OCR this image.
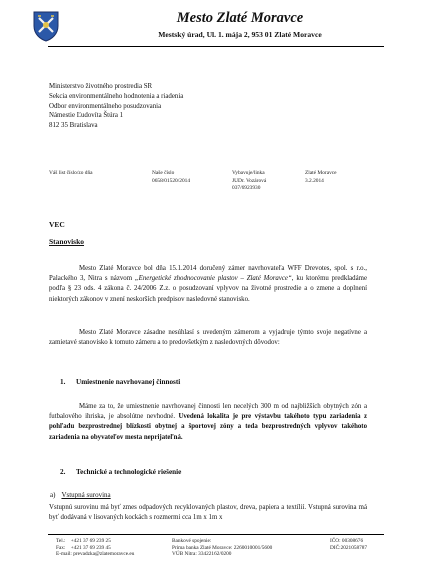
Mesto Zlaté Moravce
Mestský úrad, Ul. 1. mája 2, 953 01 Zlaté Moravce
Ministerstvo životného prostredia SR
Sekcia environmentálneho hodnotenia a riadenia
Odbor environmentálneho posudzovania
Námestie Ľudovíta Štúra 1
812 35 Bratislava
Váš list číslo/zo dňa	Naše číslo
0658/01520/2014
Vybavuje/linka
JUDr. Vozárová
037/6923930
Zlaté Moravce
3.2.2014
VEC
Stanovisko

Mesto Zlaté Moravce bol dňa 15.1.2014 doručený zámer navrhovateľa WFF Drevotes, spol. s r.o., Palackého 3, Nitra s názvom „Energetické zhodnocovanie plastov – Zlaté Moravce“, ku ktorému predkladáme podľa § 23 ods. 4 zákona č. 24/2006 Z.z. o posudzovaní vplyvov na životné prostredie a o zmene a doplnení niektorých zákonov v znení neskorších predpisov nasledovné stanovisko.

Mesto Zlaté Moravce zásadne nesúhlasí s uvedeným zámerom a vyjadruje týmto svoje negatívne a zamietavé stanovisko k tomuto zámeru a to predovšetkým z nasledovných dôvodov:

1. Umiestnenie navrhovanej činnosti

Máme za to, že umiestnenie navrhovanej činnosti len necelých 300 m od najbližších obytných zón a futbalového ihriska, je absolútne nevhodné. Uvedená lokalita je pre výstavbu takéhoto typu zariadenia z pohľadu bezprostrednej blízkosti obytnej a športovej zóny a teda bezprostredných vplyvov takéhoto zariadenia na obyvateľov mesta neprijateľná.

2. Technické a technologické riešenie
a) Vstupná surovina

Vstupnú surovinu má byť zmes odpadových recyklovaných plastov, dreva, papiera a textílií. Vstupná surovina má byť dodávaná v lisovaných kockách s rozmermi cca 1m x 1m x

Tel.:    +421 37 69 239 25
Fax:    +421 37 69 239 45
E-mail: prevadzka@zlatemoravce.eu
Bankové spojenie:
Prima banka Zlaté Moravce: 2260010001/5600
VÚB Nitra: 33422162/0200
IČO: 00308676
DIČ:2021058787
